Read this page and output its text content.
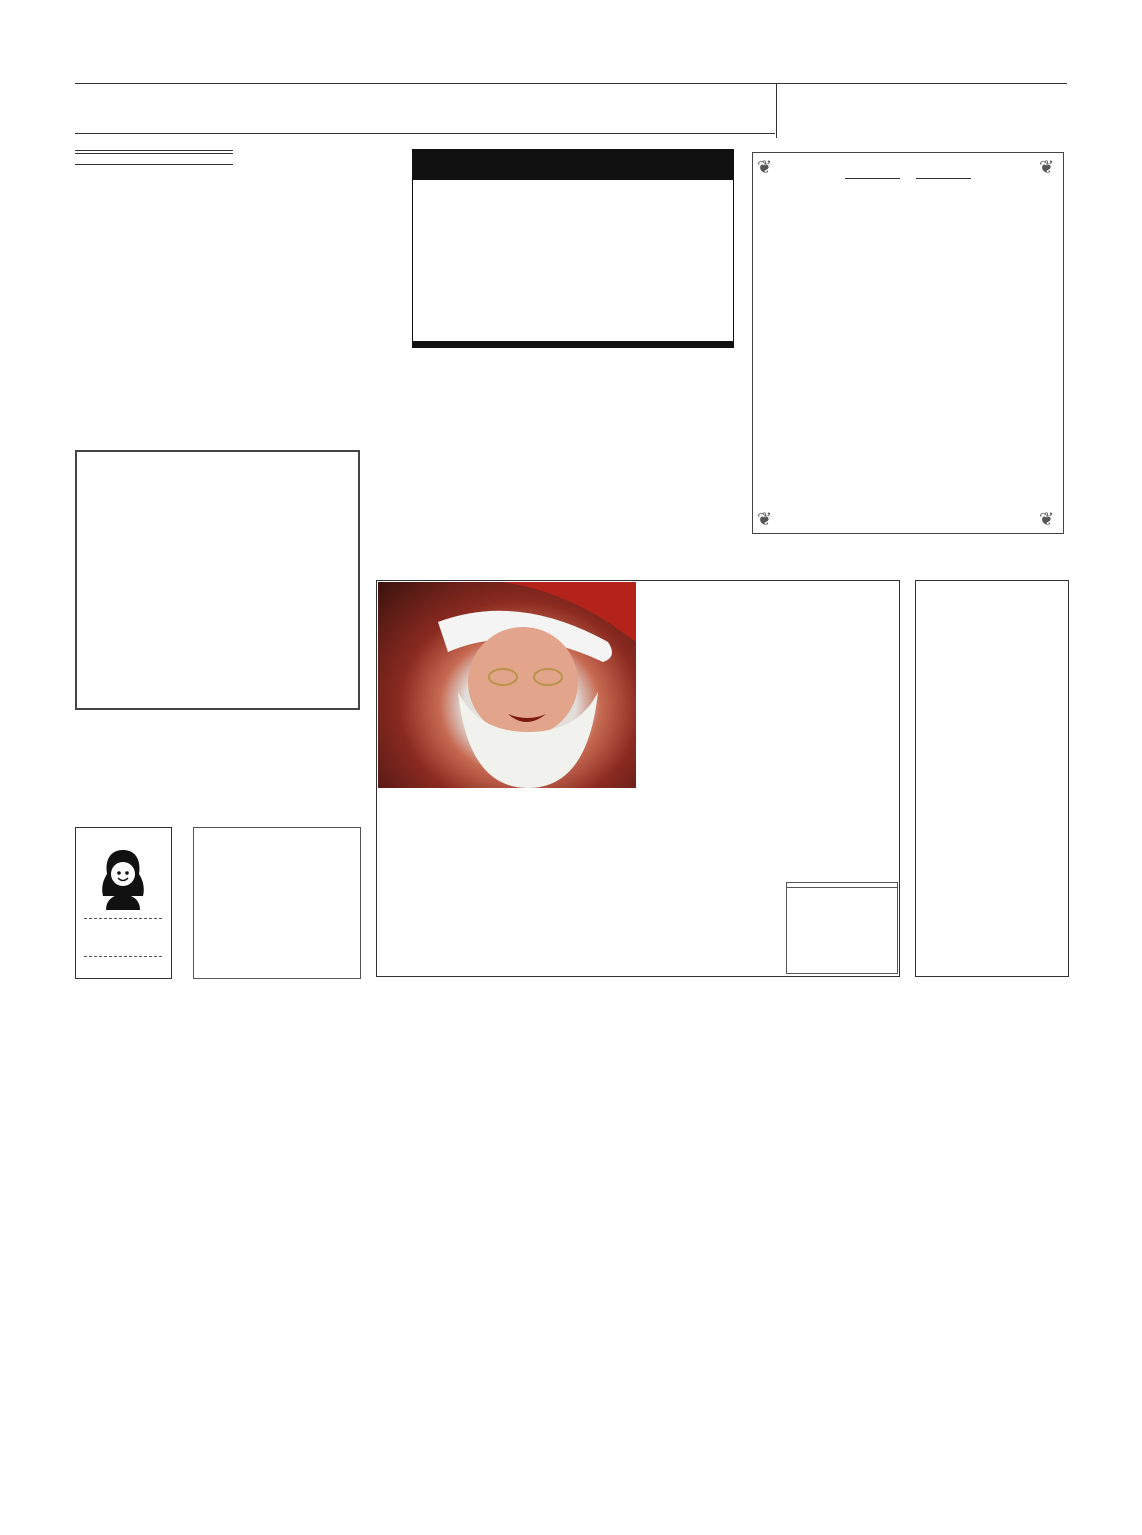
❦	❦
❦	❦
